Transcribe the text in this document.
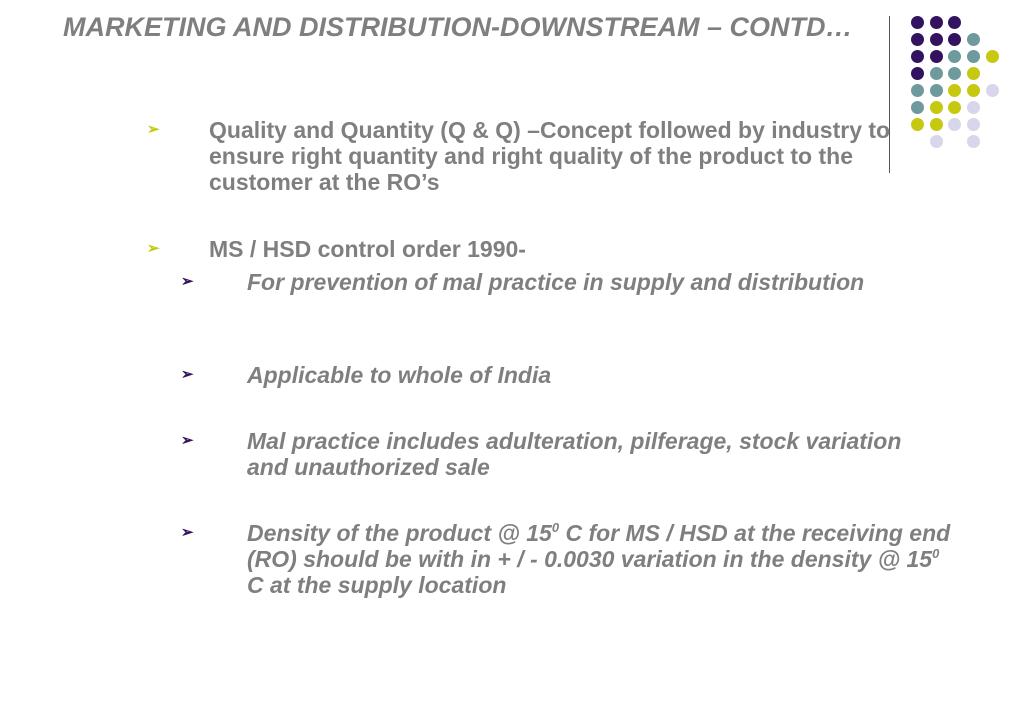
MARKETING AND DISTRIBUTION-DOWNSTREAM – CONTD…
➢ Quality and Quantity (Q & Q) –Concept followed by industry to ensure right quantity and right quality of the product to the customer at the RO’s
➢ MS / HSD control order 1990-
➢ For prevention of mal practice in supply and distribution
➢ Applicable to whole of India
➢ Mal practice includes adulteration, pilferage, stock variation and unauthorized sale
➢ Density of the product @ $15^0$ C for MS / HSD at the receiving end (RO) should be with in + / - 0.0030 variation in the density @ $15^0$ C at the supply location
